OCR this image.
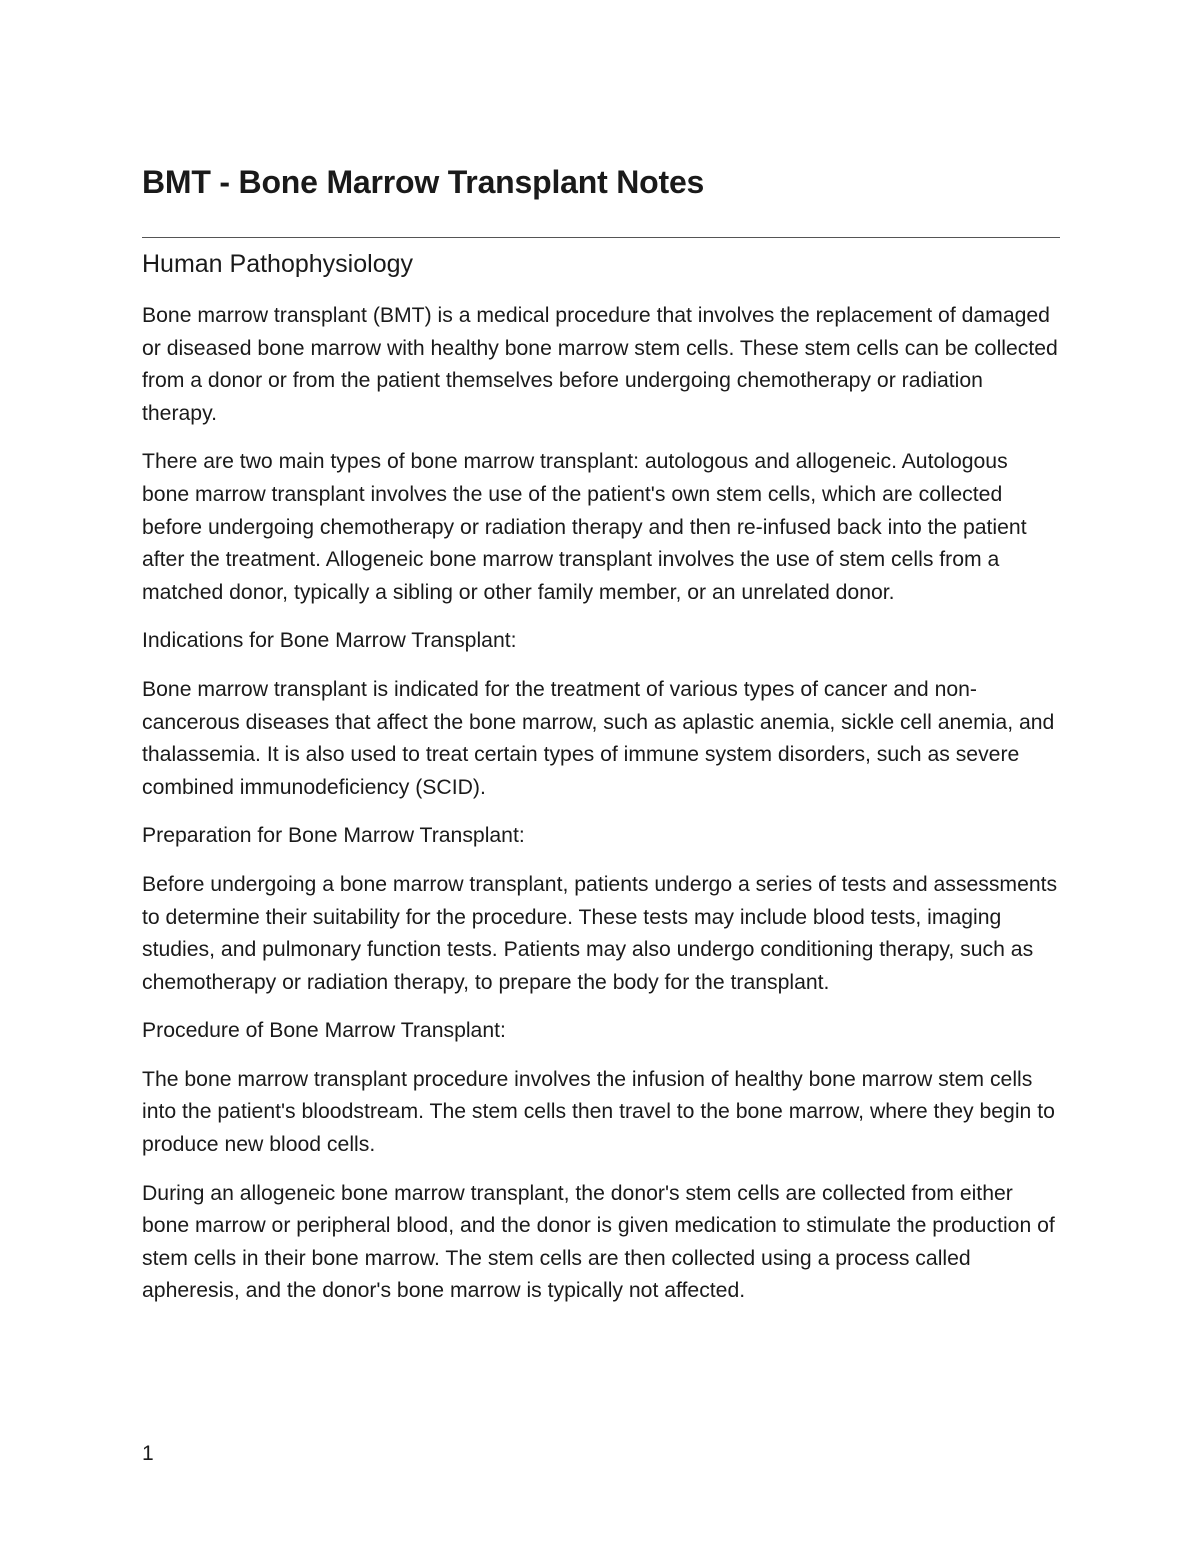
BMT - Bone Marrow Transplant Notes
Human Pathophysiology

Bone marrow transplant (BMT) is a medical procedure that involves the replacement of damaged or diseased bone marrow with healthy bone marrow stem cells. These stem cells can be collected from a donor or from the patient themselves before undergoing chemotherapy or radiation therapy.

There are two main types of bone marrow transplant: autologous and allogeneic. Autologous bone marrow transplant involves the use of the patient's own stem cells, which are collected before undergoing chemotherapy or radiation therapy and then re-infused back into the patient after the treatment. Allogeneic bone marrow transplant involves the use of stem cells from a matched donor, typically a sibling or other family member, or an unrelated donor.

Indications for Bone Marrow Transplant:

Bone marrow transplant is indicated for the treatment of various types of cancer and non-cancerous diseases that affect the bone marrow, such as aplastic anemia, sickle cell anemia, and thalassemia. It is also used to treat certain types of immune system disorders, such as severe combined immunodeficiency (SCID).

Preparation for Bone Marrow Transplant:

Before undergoing a bone marrow transplant, patients undergo a series of tests and assessments to determine their suitability for the procedure. These tests may include blood tests, imaging studies, and pulmonary function tests. Patients may also undergo conditioning therapy, such as chemotherapy or radiation therapy, to prepare the body for the transplant.

Procedure of Bone Marrow Transplant:

The bone marrow transplant procedure involves the infusion of healthy bone marrow stem cells into the patient's bloodstream. The stem cells then travel to the bone marrow, where they begin to produce new blood cells.

During an allogeneic bone marrow transplant, the donor's stem cells are collected from either bone marrow or peripheral blood, and the donor is given medication to stimulate the production of stem cells in their bone marrow. The stem cells are then collected using a process called apheresis, and the donor's bone marrow is typically not affected.

1
